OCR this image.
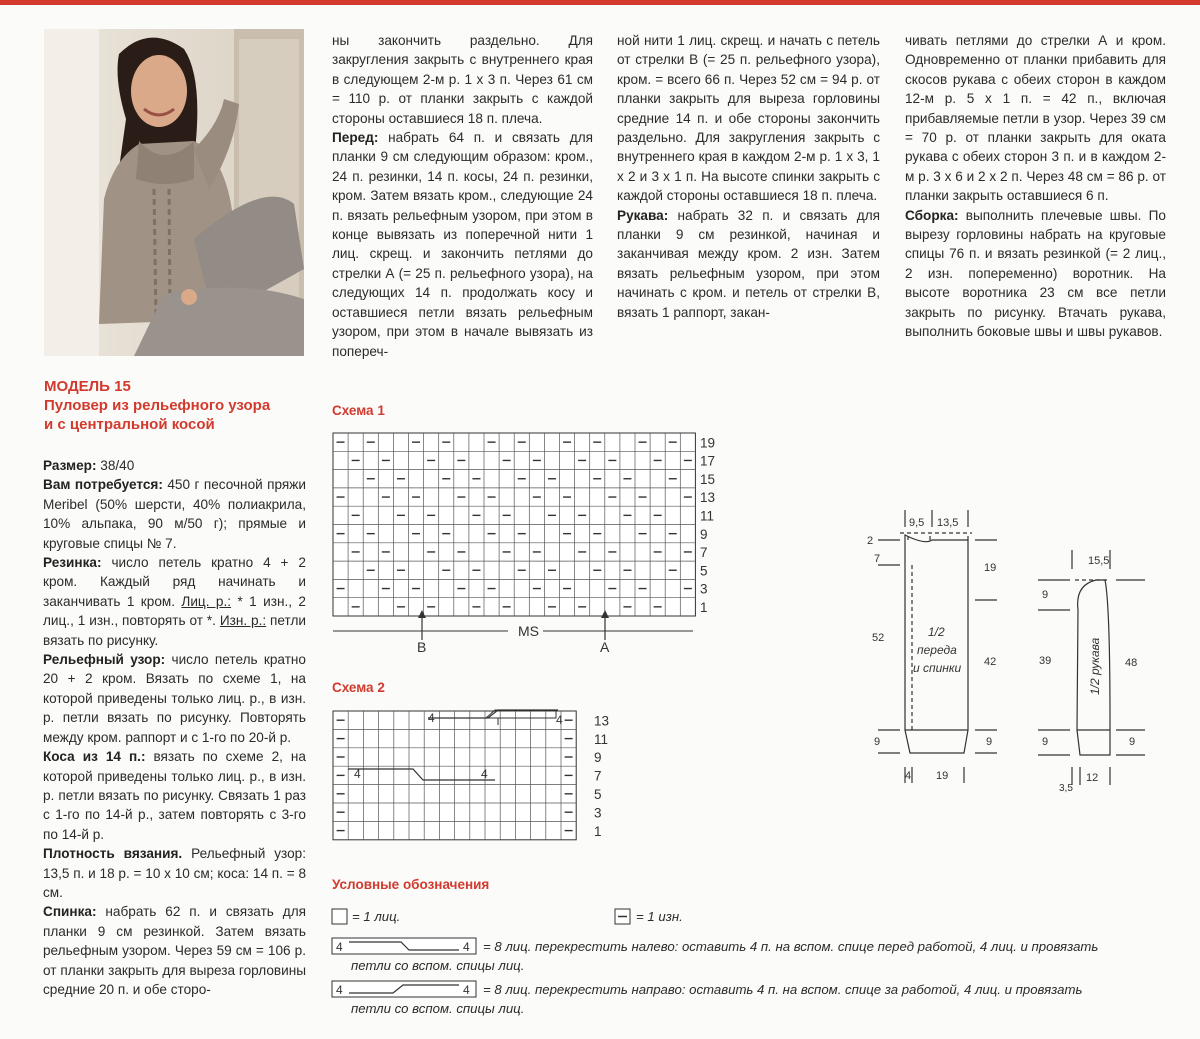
МОДЕЛЬ 15
Пуловер из рельефного узора
и с центральной косой

Размер: 38/40

Вам потребуется: 450 г песочной пряжи Meribel (50% шерсти, 40% полиакрила, 10% альпака, 90 м/50 г); прямые и круговые спицы № 7.

Резинка: число петель кратно 4 + 2 кром. Каждый ряд начинать и заканчивать 1 кром. Лиц. р.: * 1 изн., 2 лиц., 1 изн., повторять от *. Изн. р.: петли вязать по рисунку.

Рельефный узор: число петель кратно 20 + 2 кром. Вязать по схеме 1, на которой приведены только лиц. р., в изн. р. петли вязать по рисунку. Повторять между кром. раппорт и с 1-го по 20-й р.

Коса из 14 п.: вязать по схеме 2, на которой приведены только лиц. р., в изн. р. петли вязать по рисунку. Связать 1 раз с 1-го по 14-й р., затем повторять с 3-го по 14-й р.

Плотность вязания. Рельефный узор: 13,5 п. и 18 р. = 10 х 10 см; коса: 14 п. = 8 см.

Спинка: набрать 62 п. и связать для планки 9 см резинкой. Затем вязать рельефным узором. Через 59 см = 106 р. от планки закрыть для выреза горловины средние 20 п. и обе сторо-

ны закончить раздельно. Для закругления закрыть с внутреннего края в следующем 2-м р. 1 х 3 п. Через 61 см = 110 р. от планки закрыть с каждой стороны оставшиеся 18 п. плеча.

Перед: набрать 64 п. и связать для планки 9 см следующим образом: кром., 24 п. резинки, 14 п. косы, 24 п. резинки, кром. Затем вязать кром., следующие 24 п. вязать рельефным узором, при этом в конце вывязать из поперечной нити 1 лиц. скрещ. и закончить петлями до стрелки А (= 25 п. рельефного узора), на следующих 14 п. продолжать косу и оставшиеся петли вязать рельефным узором, при этом в начале вывязать из попереч-

ной нити 1 лиц. скрещ. и начать с петель от стрелки В (= 25 п. рельефного узора), кром. = всего 66 п. Через 52 см = 94 р. от планки закрыть для выреза горловины средние 14 п. и обе стороны закончить раздельно. Для закругления закрыть с внутреннего края в каждом 2-м р. 1 х 3, 1 х 2 и 3 х 1 п. На высоте спинки закрыть с каждой стороны оставшиеся 18 п. плеча.

Рукава: набрать 32 п. и связать для планки 9 см резинкой, начиная и заканчивая между кром. 2 изн. Затем вязать рельефным узором, при этом начинать с кром. и петель от стрелки В, вязать 1 раппорт, закан-

чивать петлями до стрелки А и кром. Одновременно от планки прибавить для скосов рукава с обеих сторон в каждом 12-м р. 5 х 1 п. = 42 п., включая прибавляемые петли в узор. Через 39 см = 70 р. от планки закрыть для оката рукава с обеих сторон 3 п. и в каждом 2-м р. 3 х 6 и 2 х 2 п. Через 48 см = 86 р. от планки закрыть оставшиеся 6 п.

Сборка: выполнить плечевые швы. По вырезу горловины набрать на круговые спицы 76 п. и вязать резинкой (= 2 лиц., 2 изн. попеременно) воротник. На высоте воротника 23 см все петли закрыть по рисунку. Втачать рукава, выполнить боковые швы и швы рукавов.

Схема 1
19
17
15
13
11
9
7
5
3
1
MS
B	A
Схема 2
4	4
4	4
13
11
9
7
5
3
1
Условные обозначения
= 1 лиц.	= 1 изн.
4	4 = 8 лиц. перекрестить налево: оставить 4 п. на вспом. спице перед работой, 4 лиц. и провязать
петли со вспом. спицы лиц.
4	4 = 8 лиц. перекрестить направо: оставить 4 п. на вспом. спице за работой, 4 лиц. и провязать
петли со вспом. спицы лиц.
9,5 13,5
2
7
19
52
42
9	9
4 19
1/2
переда
и спинки
15,5
9
39	48
9	9
3,5
12
1/2 рукава
